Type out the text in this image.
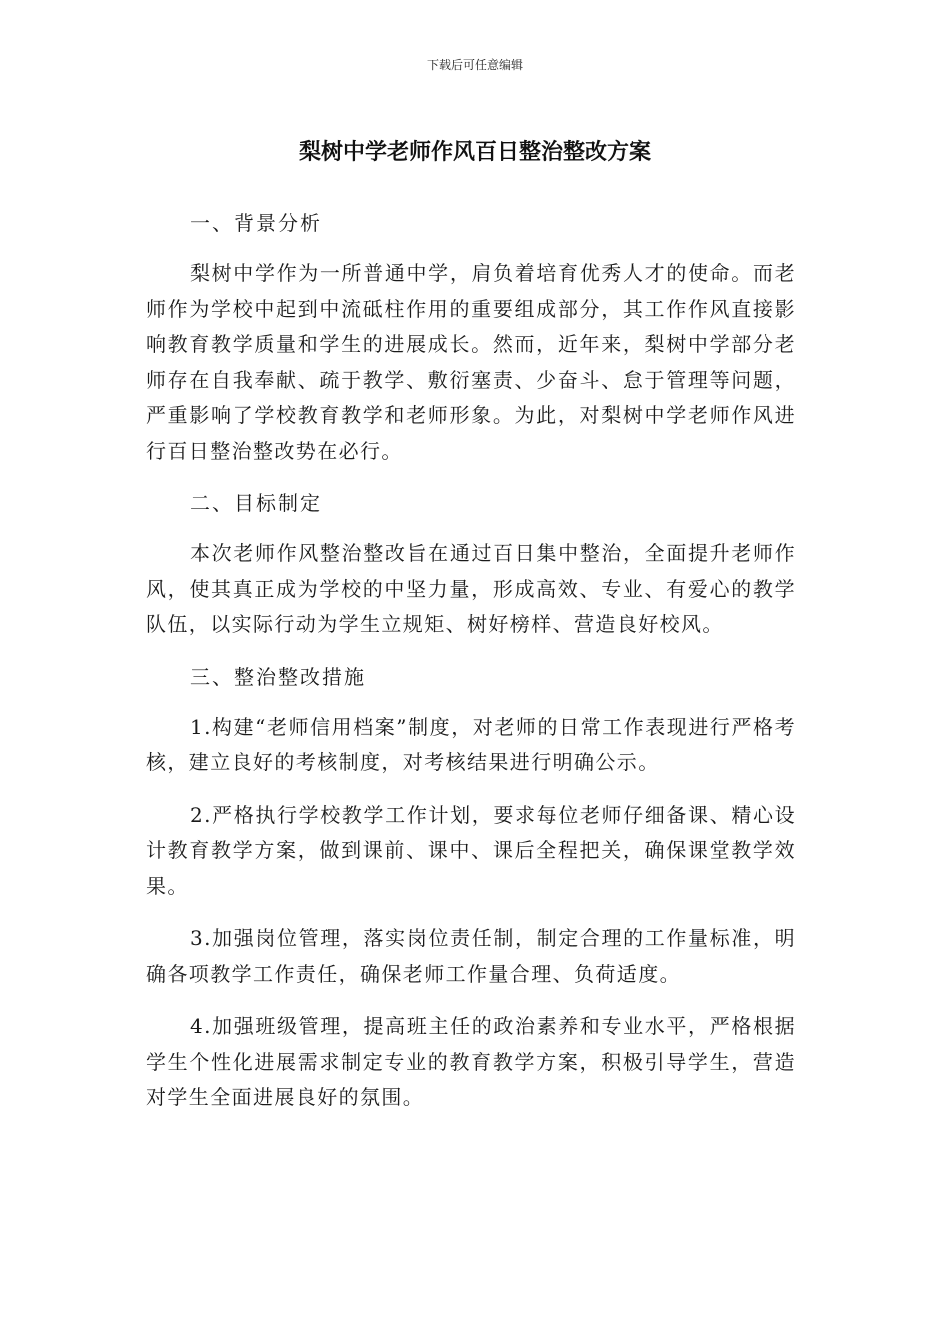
下载后可任意编辑
梨树中学老师作风百日整治整改方案

一、背景分析

梨树中学作为一所普通中学，肩负着培育优秀人才的使命。而老师作为学校中起到中流砥柱作用的重要组成部分，其工作作风直接影响教育教学质量和学生的进展成长。然而，近年来，梨树中学部分老师存在自我奉献、疏于教学、敷衍塞责、少奋斗、怠于管理等问题，严重影响了学校教育教学和老师形象。为此，对梨树中学老师作风进行百日整治整改势在必行。

二、目标制定

本次老师作风整治整改旨在通过百日集中整治，全面提升老师作风，使其真正成为学校的中坚力量，形成高效、专业、有爱心的教学队伍，以实际行动为学生立规矩、树好榜样、营造良好校风。

三、整治整改措施

1.构建“老师信用档案”制度，对老师的日常工作表现进行严格考核，建立良好的考核制度，对考核结果进行明确公示。

2.严格执行学校教学工作计划，要求每位老师仔细备课、精心设计教育教学方案，做到课前、课中、课后全程把关，确保课堂教学效果。

3.加强岗位管理，落实岗位责任制，制定合理的工作量标准，明确各项教学工作责任，确保老师工作量合理、负荷适度。

4.加强班级管理，提高班主任的政治素养和专业水平，严格根据学生个性化进展需求制定专业的教育教学方案，积极引导学生，营造对学生全面进展良好的氛围。
